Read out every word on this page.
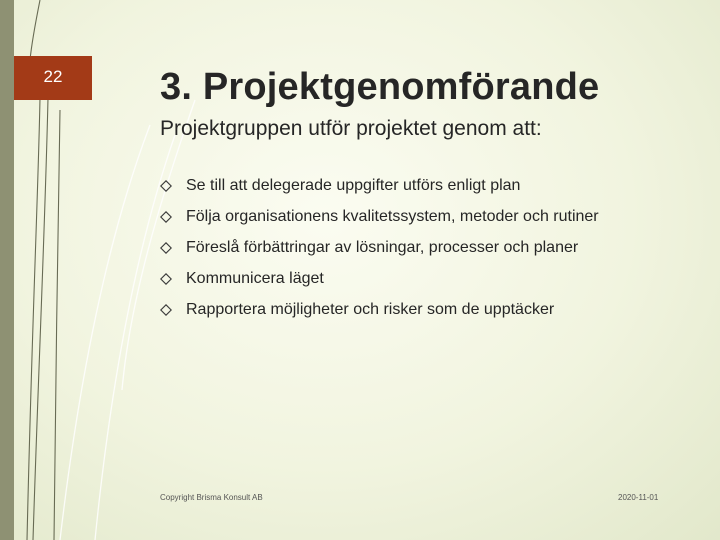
22	3. Projektgenomförande
Projektgruppen utför projektet genom att:
Se till att delegerade uppgifter utförs enligt plan
Följa organisationens kvalitetssystem, metoder och rutiner
Föreslå förbättringar av lösningar, processer och planer
Kommunicera läget
Rapportera möjligheter och risker som de upptäcker
Copyright Brisma Konsult AB	2020-11-01
